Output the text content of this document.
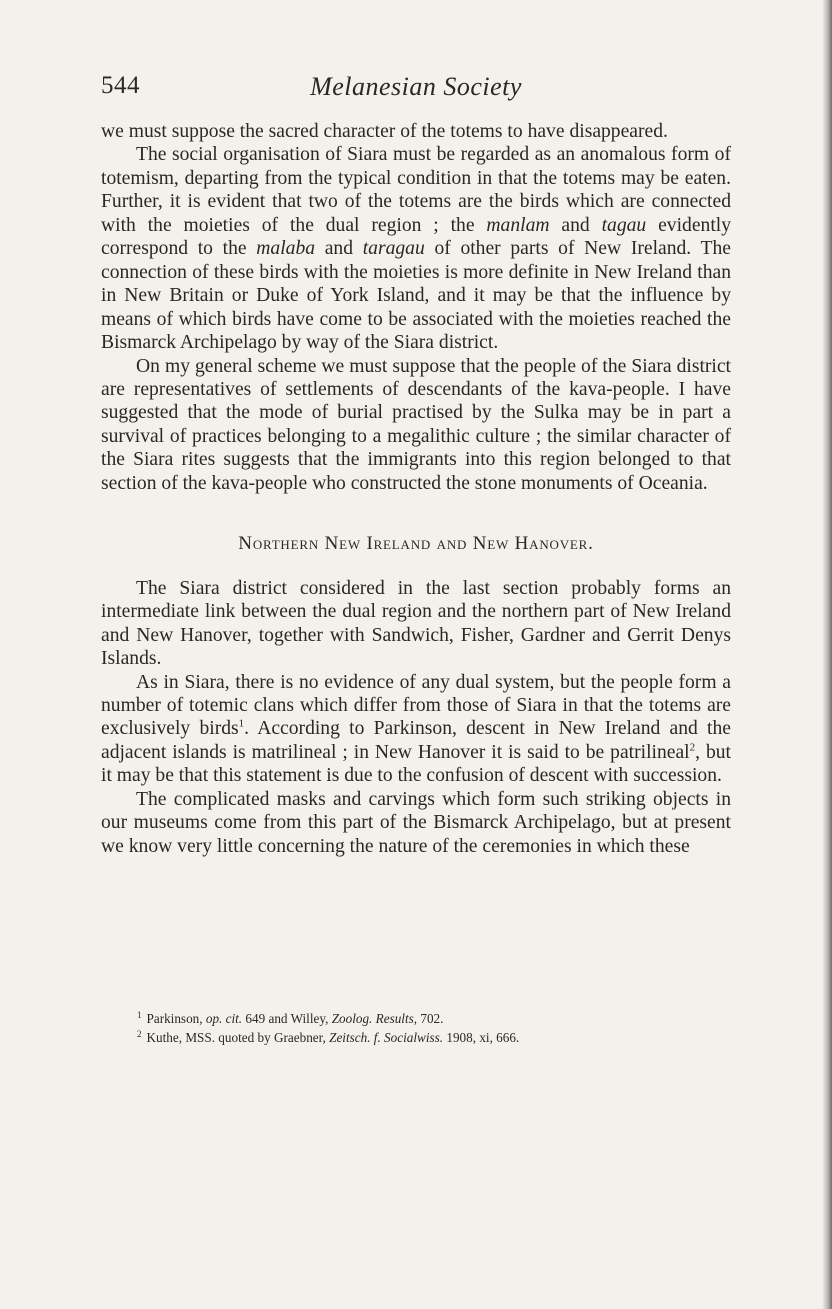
544	Melanesian Society

we must suppose the sacred character of the totems to have disappeared.

The social organisation of Siara must be regarded as an anomalous form of totemism, departing from the typical condition in that the totems may be eaten. Further, it is evident that two of the totems are the birds which are connected with the moieties of the dual region ; the manlam and tagau evidently correspond to the malaba and taragau of other parts of New Ireland. The connection of these birds with the moieties is more definite in New Ireland than in New Britain or Duke of York Island, and it may be that the influence by means of which birds have come to be associated with the moieties reached the Bismarck Archipelago by way of the Siara district.

On my general scheme we must suppose that the people of the Siara district are representatives of settlements of descendants of the kava-people. I have suggested that the mode of burial practised by the Sulka may be in part a survival of practices belonging to a megalithic culture ; the similar character of the Siara rites suggests that the immigrants into this region belonged to that section of the kava-people who constructed the stone monuments of Oceania.

Northern New Ireland and New Hanover.

The Siara district considered in the last section probably forms an intermediate link between the dual region and the northern part of New Ireland and New Hanover, together with Sandwich, Fisher, Gardner and Gerrit Denys Islands.

As in Siara, there is no evidence of any dual system, but the people form a number of totemic clans which differ from those of Siara in that the totems are exclusively birds$^1$. According to Parkinson, descent in New Ireland and the adjacent islands is matrilineal ; in New Hanover it is said to be patrilineal$^2$, but it may be that this statement is due to the confusion of descent with succession.

The complicated masks and carvings which form such striking objects in our museums come from this part of the Bismarck Archipelago, but at present we know very little concerning the nature of the ceremonies in which these

$^1$ Parkinson, op. cit. 649 and Willey, Zoolog. Results, 702.
$^2$ Kuthe, MSS. quoted by Graebner, Zeitsch. f. Socialwiss. 1908, xi, 666.
